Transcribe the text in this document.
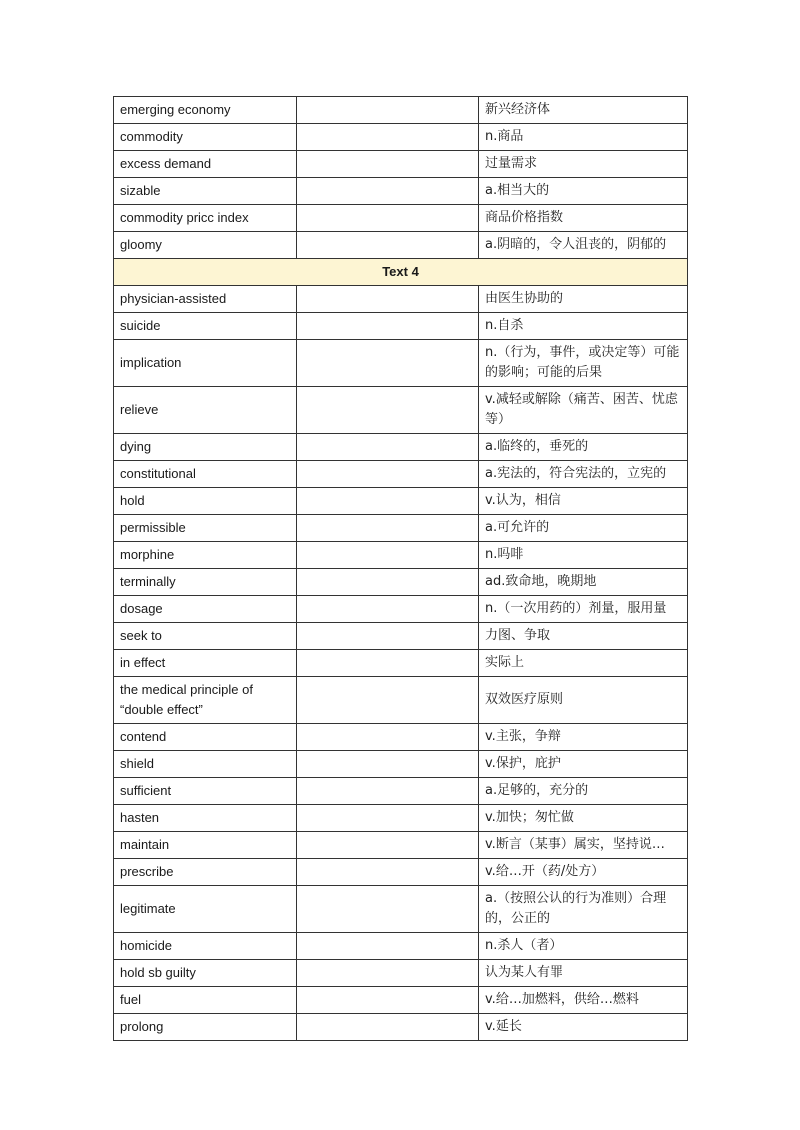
emerging economy		新兴经济体
commodity		n.商品
excess demand		过量需求
sizable		a.相当大的
commodity pricc index		商品价格指数
gloomy		a.阴暗的，令人沮丧的，阴郁的
Text 4		
physician-assisted		由医生协助的
suicide		n.自杀
implication		n.（行为，事件，或决定等）可能的影响；可能的后果
relieve		v.减轻或解除（痛苦、困苦、忧虑等）
dying		a.临终的，垂死的
constitutional		a.宪法的，符合宪法的，立宪的
hold		v.认为，相信
permissible		a.可允许的
morphine		n.吗啡
terminally		ad.致命地，晚期地
dosage		n.（一次用药的）剂量，服用量
seek to		力图、争取
in effect		实际上
the medical principle of “double effect”		双效医疗原则
contend		v.主张，争辩
shield		v.保护，庇护
sufficient		a.足够的，充分的
hasten		v.加快；匆忙做
maintain		v.断言（某事）属实，坚持说…
prescribe		v.给…开（药/处方）
legitimate		a.（按照公认的行为准则）合理的，公正的
homicide		n.杀人（者）
hold sb guilty		认为某人有罪
fuel		v.给…加燃料，供给…燃料
prolong		v.延长
